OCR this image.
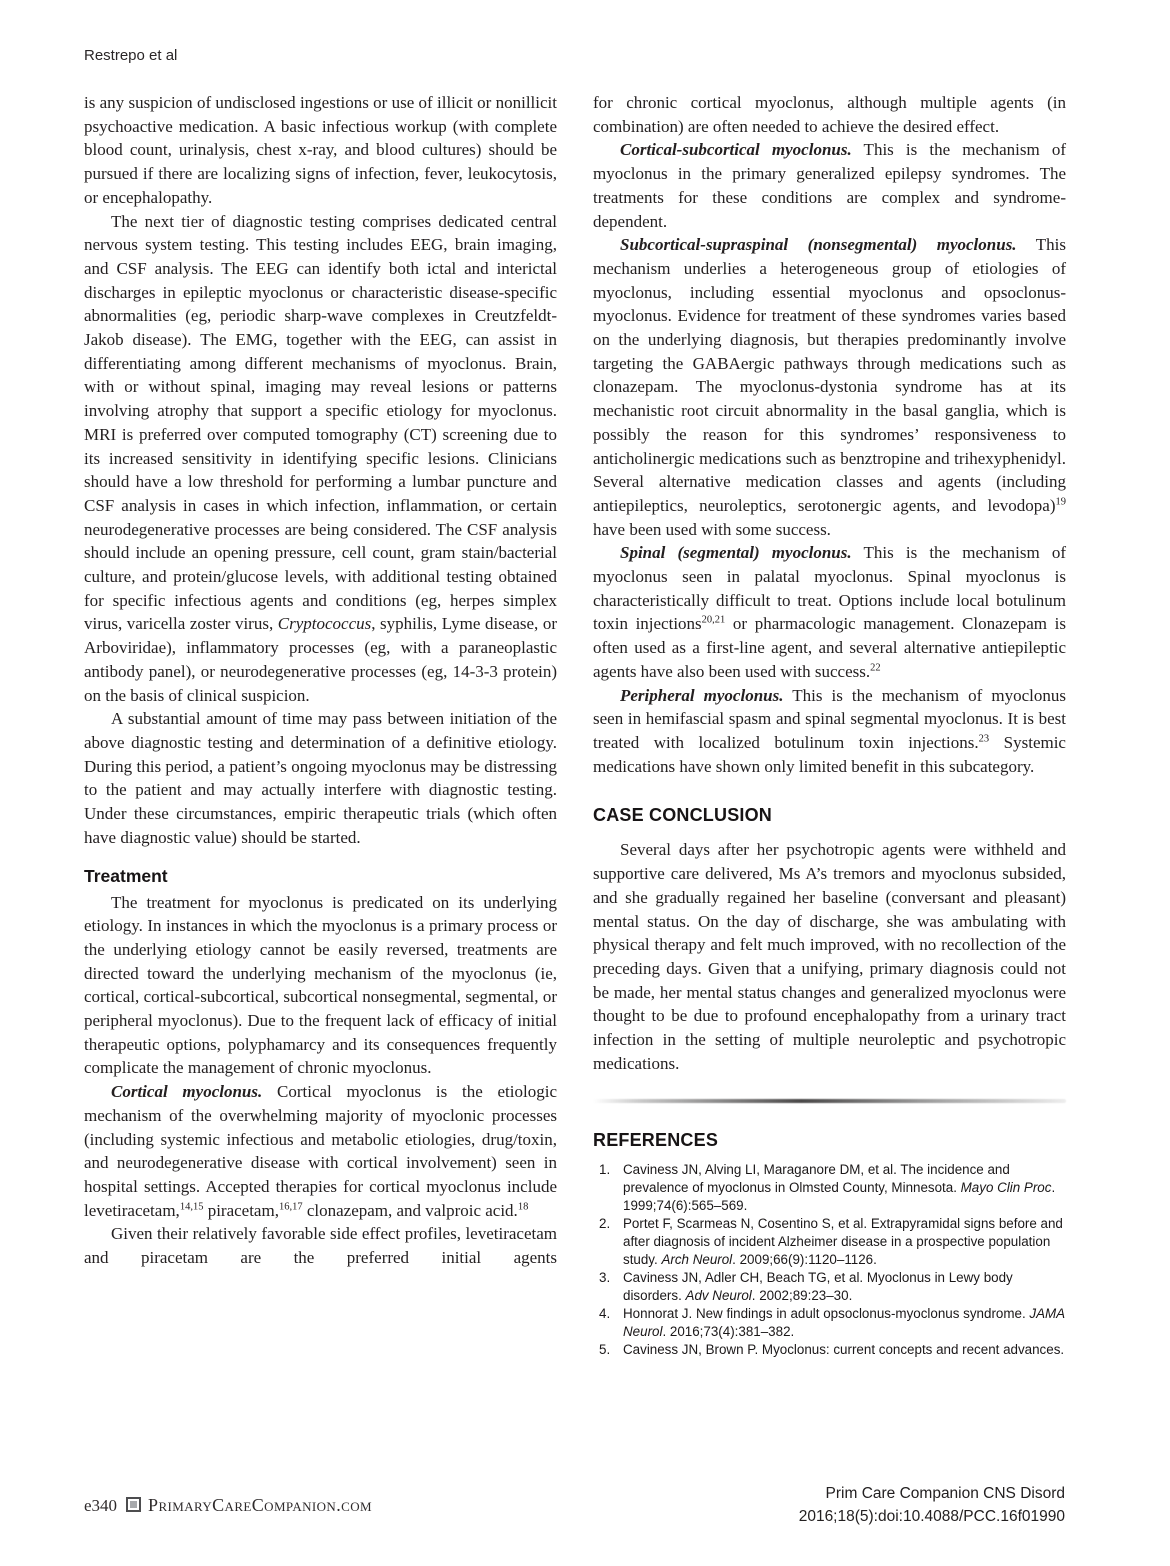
Restrepo et al

is any suspicion of undisclosed ingestions or use of illicit or nonillicit psychoactive medication. A basic infectious workup (with complete blood count, urinalysis, chest x-ray, and blood cultures) should be pursued if there are localizing signs of infection, fever, leukocytosis, or encephalopathy.

The next tier of diagnostic testing comprises dedicated central nervous system testing. This testing includes EEG, brain imaging, and CSF analysis. The EEG can identify both ictal and interictal discharges in epileptic myoclonus or characteristic disease-specific abnormalities (eg, periodic sharp-wave complexes in Creutzfeldt-Jakob disease). The EMG, together with the EEG, can assist in differentiating among different mechanisms of myoclonus. Brain, with or without spinal, imaging may reveal lesions or patterns involving atrophy that support a specific etiology for myoclonus. MRI is preferred over computed tomography (CT) screening due to its increased sensitivity in identifying specific lesions. Clinicians should have a low threshold for performing a lumbar puncture and CSF analysis in cases in which infection, inflammation, or certain neurodegenerative processes are being considered. The CSF analysis should include an opening pressure, cell count, gram stain/bacterial culture, and protein/glucose levels, with additional testing obtained for specific infectious agents and conditions (eg, herpes simplex virus, varicella zoster virus, Cryptococcus, syphilis, Lyme disease, or Arboviridae), inflammatory processes (eg, with a paraneoplastic antibody panel), or neurodegenerative processes (eg, 14-3-3 protein) on the basis of clinical suspicion.

A substantial amount of time may pass between initiation of the above diagnostic testing and determination of a definitive etiology. During this period, a patient’s ongoing myoclonus may be distressing to the patient and may actually interfere with diagnostic testing. Under these circumstances, empiric therapeutic trials (which often have diagnostic value) should be started.

Treatment

The treatment for myoclonus is predicated on its underlying etiology. In instances in which the myoclonus is a primary process or the underlying etiology cannot be easily reversed, treatments are directed toward the underlying mechanism of the myoclonus (ie, cortical, cortical-subcortical, subcortical nonsegmental, segmental, or peripheral myoclonus). Due to the frequent lack of efficacy of initial therapeutic options, polyphamarcy and its consequences frequently complicate the management of chronic myoclonus.

Cortical myoclonus. Cortical myoclonus is the etiologic mechanism of the overwhelming majority of myoclonic processes (including systemic infectious and metabolic etiologies, drug/toxin, and neurodegenerative disease with cortical involvement) seen in hospital settings. Accepted therapies for cortical myoclonus include levetiracetam,$^{14,15}$ piracetam,$^{16,17}$ clonazepam, and valproic acid.$^{18}$

Given their relatively favorable side effect profiles, levetiracetam and piracetam are the preferred initial agents

for chronic cortical myoclonus, although multiple agents (in combination) are often needed to achieve the desired effect.

Cortical-subcortical myoclonus. This is the mechanism of myoclonus in the primary generalized epilepsy syndromes. The treatments for these conditions are complex and syndrome-dependent.

Subcortical-supraspinal (nonsegmental) myoclonus. This mechanism underlies a heterogeneous group of etiologies of myoclonus, including essential myoclonus and opsoclonus-myoclonus. Evidence for treatment of these syndromes varies based on the underlying diagnosis, but therapies predominantly involve targeting the GABAergic pathways through medications such as clonazepam. The myoclonus-dystonia syndrome has at its mechanistic root circuit abnormality in the basal ganglia, which is possibly the reason for this syndromes’ responsiveness to anticholinergic medications such as benztropine and trihexyphenidyl. Several alternative medication classes and agents (including antiepileptics, neuroleptics, serotonergic agents, and levodopa)$^{19}$ have been used with some success.

Spinal (segmental) myoclonus. This is the mechanism of myoclonus seen in palatal myoclonus. Spinal myoclonus is characteristically difficult to treat. Options include local botulinum toxin injections$^{20,21}$ or pharmacologic management. Clonazepam is often used as a first-line agent, and several alternative antiepileptic agents have also been used with success.$^{22}$

Peripheral myoclonus. This is the mechanism of myoclonus seen in hemifascial spasm and spinal segmental myoclonus. It is best treated with localized botulinum toxin injections.$^{23}$ Systemic medications have shown only limited benefit in this subcategory.

CASE CONCLUSION

Several days after her psychotropic agents were withheld and supportive care delivered, Ms A’s tremors and myoclonus subsided, and she gradually regained her baseline (conversant and pleasant) mental status. On the day of discharge, she was ambulating with physical therapy and felt much improved, with no recollection of the preceding days. Given that a unifying, primary diagnosis could not be made, her mental status changes and generalized myoclonus were thought to be due to profound encephalopathy from a urinary tract infection in the setting of multiple neuroleptic and psychotropic medications.

REFERENCES
1. Caviness JN, Alving LI, Maraganore DM, et al. The incidence and prevalence of myoclonus in Olmsted County, Minnesota. Mayo Clin Proc. 1999;74(6):565–569.
2. Portet F, Scarmeas N, Cosentino S, et al. Extrapyramidal signs before and after diagnosis of incident Alzheimer disease in a prospective population study. Arch Neurol. 2009;66(9):1120–1126.
3. Caviness JN, Adler CH, Beach TG, et al. Myoclonus in Lewy body disorders. Adv Neurol. 2002;89:23–30.
4. Honnorat J. New findings in adult opsoclonus-myoclonus syndrome. JAMA Neurol. 2016;73(4):381–382.
5. Caviness JN, Brown P. Myoclonus: current concepts and recent advances.
e340 PrimaryCareCompanion.com
Prim Care Companion CNS Disord
2016;18(5):doi:10.4088/PCC.16f01990
